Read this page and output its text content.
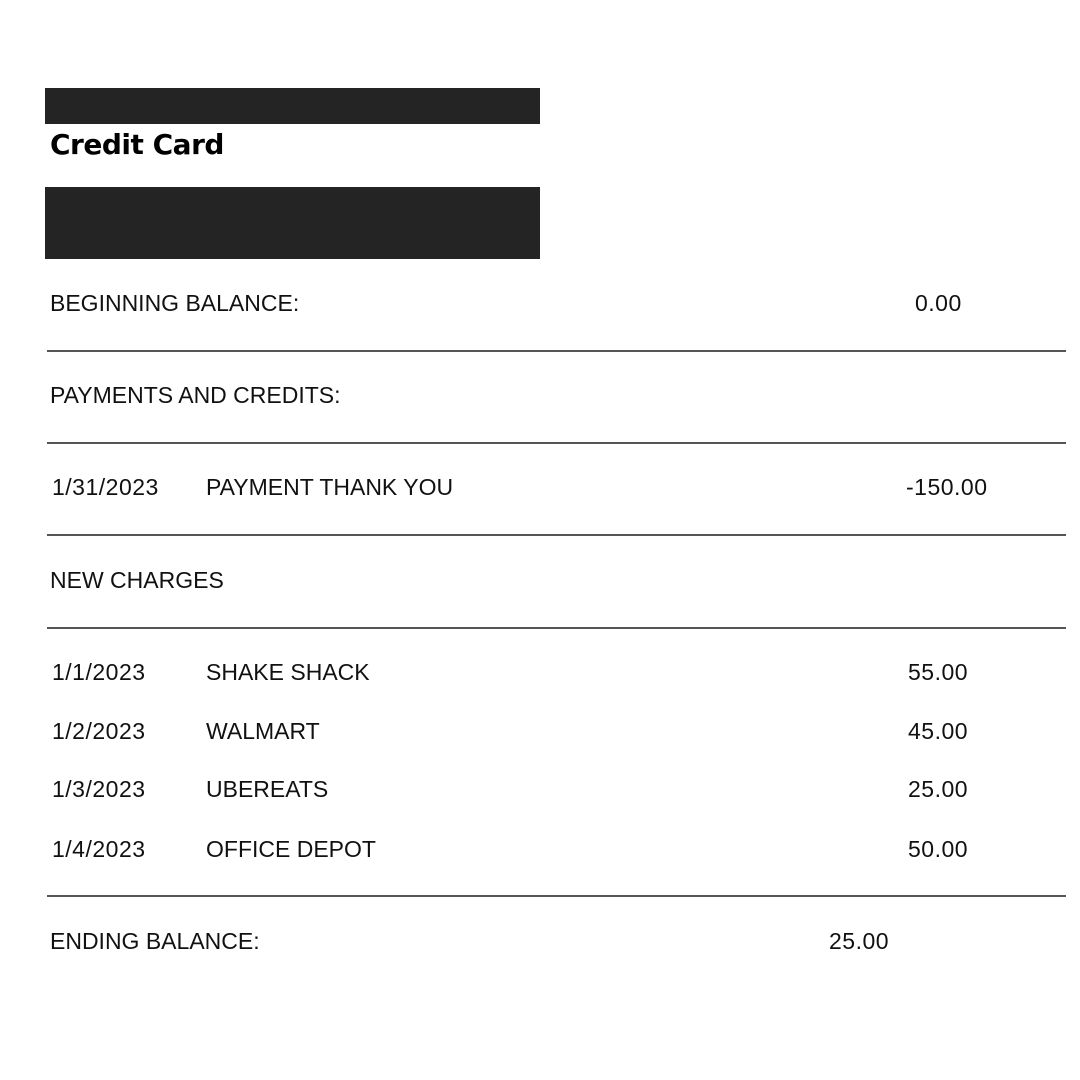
Credit Card
BEGINNING BALANCE:	0.00
PAYMENTS AND CREDITS:
1/31/2023 PAYMENT THANK YOU	-150.00
NEW CHARGES
1/1/2023	SHAKE SHACK	55.00
1/2/2023	WALMART	45.00
1/3/2023	UBEREATS	25.00
1/4/2023	OFFICE DEPOT	50.00
ENDING BALANCE:	25.00
